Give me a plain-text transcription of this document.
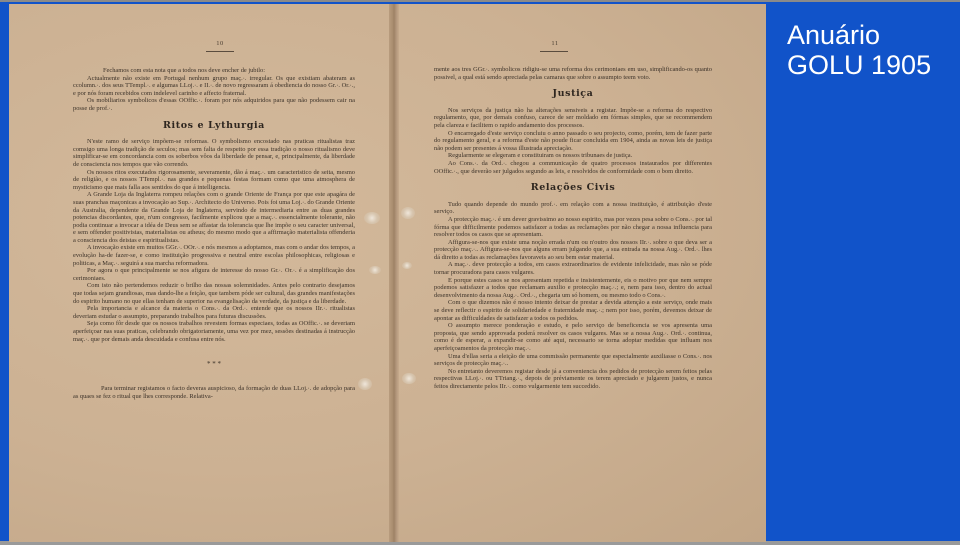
10

Fechamos com esta nota que a todos nos deve encher de jubilo:

Actualmente não existe em Portugal nenhum grupo maç.·. irregular. Os que existiam abateram as ccolumn.·. dos seus TTempl.·. e algumas LLoj.·. e II.·. de novo regressaram á obediencia do nosso Gr.·. Or.·., e por nós foram recebidos com indelevel carinho e affecto fraternal.

Os mobiliarios symbolicos d'essas OOffic.·. foram por nós adquiridos para que não podessem cair na posse de prof.·.

Ritos e Lythurgia

N'este ramo de serviço impõem-se reformas. O symbolismo encostado nas praticas ritualistas traz comsigo uma longa tradição de seculos; mas sem falta de respeito por essa tradição o nosso ritualismo deve simplificar-se em concordancia com os soberbos vôos da liberdade de pensar, e, principalmente, da liberdade de consciencia nos tempos que vão correndo.

Os nossos ritos executados rigorosamente, severamente, dão á maç.·. um caracteristico de seita, mesmo de religião, e os nossos TTempl.·. nas grandes e pequenas festas formam como que uma atmosphera de mysticismo que mais falla aos sentidos do que á intelligencia.

A Grande Loja da Inglaterra rompeu relações com o grande Oriente de França por que este apagára de suas pranchas maçonicas a invocação ao Sup.·. Architecto do Universo. Pois foi uma Loj.·. do Grande Oriente da Australia, dependente da Grande Loja de Inglaterra, servindo de intermediaria entre as duas grandes potencias discordantes, que, n'um congresso, facilmente explicou que a maç.·. essencialmente tolerante, não podia continuar a invocar a idéa de Deus sem se affastar da tolerancia que lhe impõe o seu caracter universal, e sem offender positivistas, materialistas ou atheus; do mesmo modo que a affirmação materialista offenderia a consciencia dos deistas e espiritualistas.

A invocação existe em muitos GGr.·. OOr.·. e nós mesmos a adoptamos, mas com o andar dos tempos, a evolução ha-de fazer-se, e como instituição progressiva e neutral entre escolas philosophicas, religiosas e politicas, a Maç.·. seguirá a sua marcha reformadora.

Por agora o que principalmente se nos afigura de interesse do nosso Gr.·. Or.·. é a simplificação dos cerimoniaes.

Com isto não pertendemos reduzir o brilho das nossas solemnidades. Antes pelo contrario desejamos que todas sejam grandiosas, mas dando-lhe a feição, que tambem póde ser cultural, das grandes manifestações do espirito humano no que ellas tenham de superior na evangelisação da verdade, da justiça e da liberdade.

Pela importancia e alcance da materia o Cons.·. da Ord.·. entende que os nossos IIr.·. ritualistas deveriam estudar o assumpto, preparando trabalhos para futuras discussões.

Seja como fôr desde que os nossos trabalhos revestem formas especiaes, todas as OOffic.·. se deveriam aperfeiçoar nas suas praticas, celebrando obrigatoriamente, uma vez por mez, sessões destinadas á instrucção maç.·. que por demais anda descuidada e confusa entre nós.

* * *

Para terminar registamos o facto deveras auspicioso, da formação de duas LLoj.·. de adopção para as quaes se fez o ritual que lhes corresponde. Relativa-

11

mente aos tres GGr.·. symbolicos ridigiu-se uma reforma dos cerimoniaes em uso, simplificando-os quanto possivel, a qual está sendo apreciada pelas camaras que sobre o assumpto teem voto.

Justiça

Nos serviços da justiça não ha alterações sensiveis a registar. Impõe-se a reforma do respectivo regulamento, que, por demais confuso, carece de ser moldado em fórmas simples, que se recommendem pela clareza e facilitem o rapido andamento dos processos.

O encarregado d'este serviço concluiu o anno passado o seu projecto, como, porém, tem de fazer parte do regulamento geral, e a reforma d'este não poude ficar concluida em 1904, ainda as novas leis de justiça não podem ser presentes á vossa illustrada apreciação.

Regularmente se elegeram e constituiram os nossos tribunaes de justiça.

Ao Cons.·. da Ord.·. chegou a communicação de quatro processos instaurados por differentes OOffic.·., que deverão ser julgados segundo as leis, e resolvidos de conformidade com o bom direito.

Relações Civis

Tudo quando depende do mundo prof.·. em relação com a nossa instituição, é attribuição d'este serviço.

A protecção maç.·. é um dever gravissimo ao nosso espirito, mas por vezes pesa sobre o Cons.·. por tal fórma que difficilmente podemos satisfazer a todas as reclamações por não chegar a nossa influencia para resolver todos os casos que se apresentam.

Affigura-se-nos que existe uma noção errada n'um ou n'outro dos nossos IIr.·. sobre o que deva ser a protecção maç.·.. Affigura-se-nos que alguns erram julgando que, a sua entrada na nossa Aug.·. Ord.·. lhes dá direito a todas as reclamações favoraveis ao seu bem estar material.

A maç.·. deve protecção a todos, em casos extraordinarios de evidente infelicidade, mas não se póde tornar procuradora para casos vulgares.

E porque estes casos se nos apresentam repetida e insistentemente, eis o motivo por que nem sempre podemos satisfazer a todos que reclamam auxilio e protecção maç.·.; e, nem para isso, dentro do actual desenvolvimento da nossa Aug.·. Ord.·., chegaria um só homem, ou mesmo todo o Cons.·.

Com o que dizemos não é nosso intento deixar de prestar a devida attenção a este serviço, onde mais se deve reflectir o espirito de solidariedade e fraternidade maç.·.; nem por isso, porém, devemos deixar de apontar as difficuldades de satisfazer a todos os pedidos.

O assumpto merece ponderação e estudo, e pelo serviço de beneficencia se vos apresenta uma proposta, que sendo approvada poderá resolver os casos vulgares. Mas se a nossa Aug.·. Ord.·. continua, como é de esperar, a expandir-se como até aqui, necessario se torna adoptar medidas que influam nos aperfeiçoamentos da protecção maç.·.

Uma d'ellas seria a eleição de uma commissão permanente que especialmente auxiliasse o Cons.·. nos serviços de protecção maç.·..

No entretanto deveremos registar desde já a conveniencia dos pedidos de protecção serem feitos pelas respectivas LLoj.·. ou TTriang.·., depois de préviamente os terem apreciado e julgarem justos, e nunca feitos directamente pelos IIr.·. como vulgarmente tem succedido.

Anuário
GOLU 1905
